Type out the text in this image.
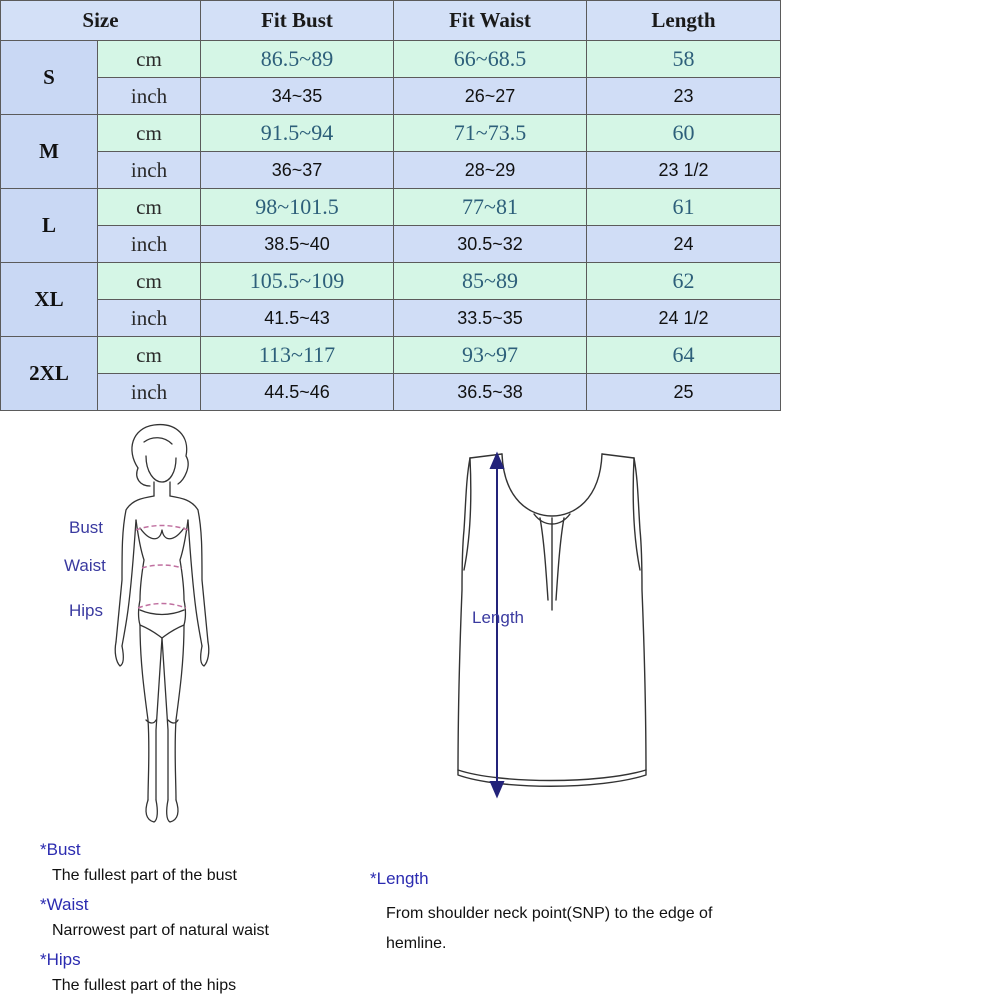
Size		Fit Bust	Fit Waist	Length
S	cm	86.5~89	66~68.5	58
	inch	34~35	26~27	23
M	cm	91.5~94	71~73.5	60
	inch	36~37	28~29	23 1/2
L	cm	98~101.5	77~81	61
	inch	38.5~40	30.5~32	24
XL	cm	105.5~109	85~89	62
	inch	41.5~43	33.5~35	24 1/2
2XL	cm	113~117	93~97	64
	inch	44.5~46	36.5~38	25
Bust
Waist
Hips	Length
*Bust
The fullest part of the bust
*Waist
Narrowest part of natural waist
*Hips
The fullest part of the hips
*Length
From shoulder neck point(SNP) to the edge of hemline.
